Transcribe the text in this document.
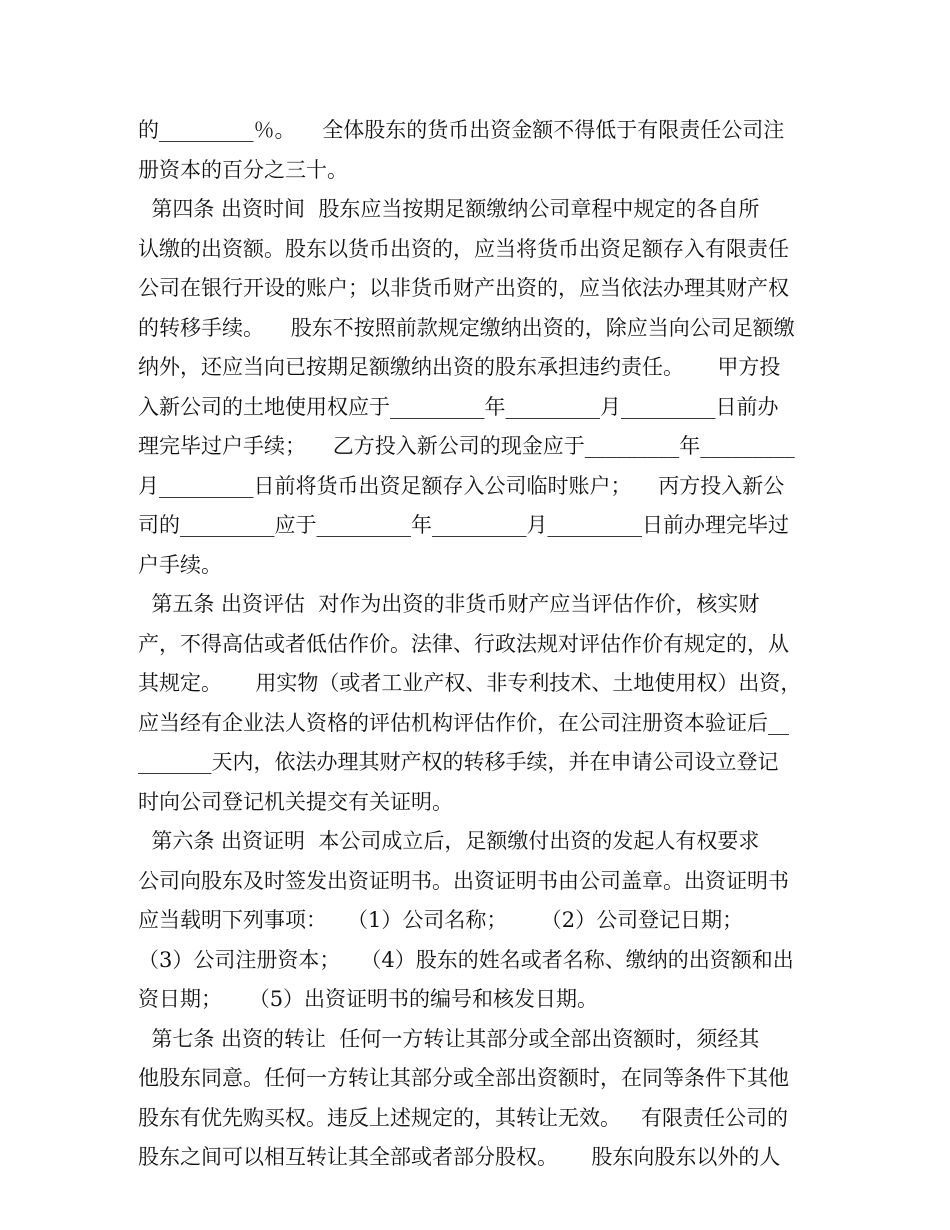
的_________％。    全体股东的货币出资金额不得低于有限责任公司注
册资本的百分之三十。
第四条 出资时间  股东应当按期足额缴纳公司章程中规定的各自所
认缴的出资额。股东以货币出资的，应当将货币出资足额存入有限责任
公司在银行开设的账户；以非货币财产出资的，应当依法办理其财产权
的转移手续。    股东不按照前款规定缴纳出资的，除应当向公司足额缴
纳外，还应当向已按期足额缴纳出资的股东承担违约责任。     甲方投
入新公司的土地使用权应于_________年_________月_________日前办
理完毕过户手续；    乙方投入新公司的现金应于_________年_________
月_________日前将货币出资足额存入公司临时账户；    丙方投入新公
司的_________应于_________年_________月_________日前办理完毕过
户手续。
第五条 出资评估  对作为出资的非货币财产应当评估作价，核实财
产，不得高估或者低估作价。法律、行政法规对评估作价有规定的，从
其规定。     用实物（或者工业产权、非专利技术、土地使用权）出资，
应当经有企业法人资格的评估机构评估作价，在公司注册资本验证后__
_______天内，依法办理其财产权的转移手续，并在申请公司设立登记
时向公司登记机关提交有关证明。
第六条 出资证明  本公司成立后，足额缴付出资的发起人有权要求
公司向股东及时签发出资证明书。出资证明书由公司盖章。出资证明书
应当载明下列事项：   （1）公司名称；     （2）公司登记日期；
（3）公司注册资本；   （4）股东的姓名或者名称、缴纳的出资额和出
资日期；    （5）出资证明书的编号和核发日期。
第七条 出资的转让  任何一方转让其部分或全部出资额时，须经其
他股东同意。任何一方转让其部分或全部出资额时，在同等条件下其他
股东有优先购买权。违反上述规定的，其转让无效。   有限责任公司的
股东之间可以相互转让其全部或者部分股权。     股东向股东以外的人
